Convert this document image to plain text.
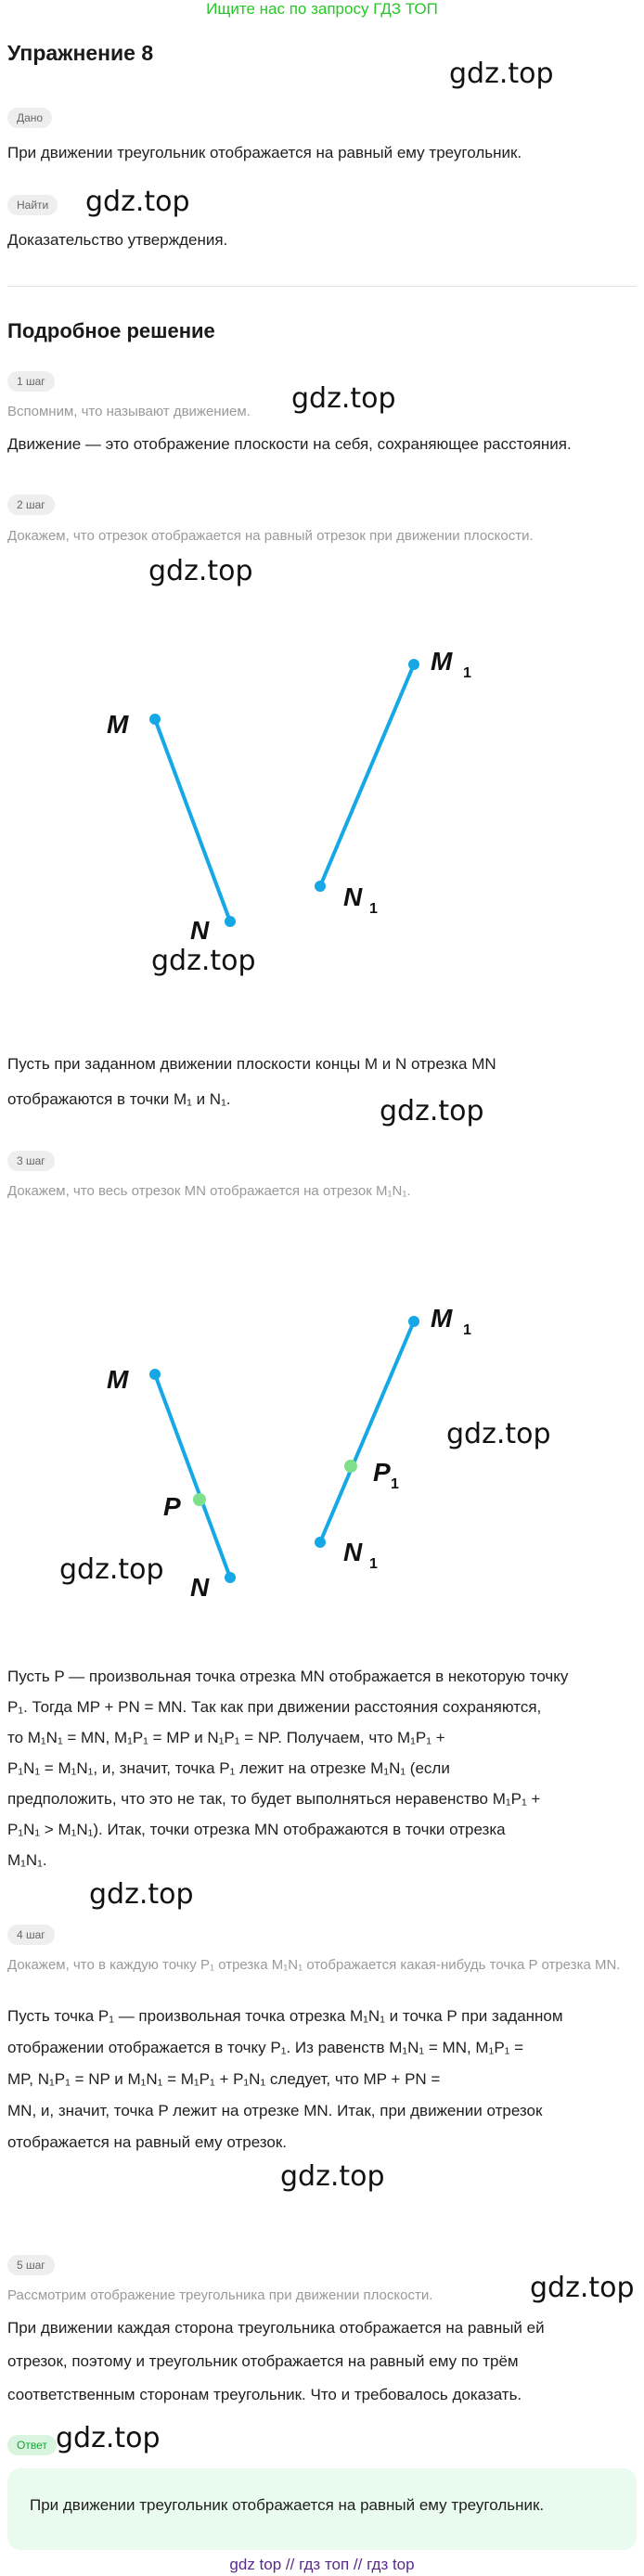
Ищите нас по запросу ГДЗ ТОП
Упражнение 8
gdz.top
Дано
При движении треугольник отображается на равный ему треугольник.
Найти	gdz.top
Доказательство утверждения.
Подробное решение
1 шаг
gdz.top
Вспомним, что называют движением.
Движение — это отображение плоскости на себя, сохраняющее расстояния.
2 шаг
Докажем, что отрезок отображается на равный отрезок при движении плоскости.
gdz.top
M
N
M 1
N 1
gdz.top
Пусть при заданном движении плоскости концы M и N отрезка MN
отображаются в точки M₁ и N₁.	gdz.top
3 шаг
Докажем, что весь отрезок MN отображается на отрезок M₁N₁.
M
P
N
M 1
P 1
N 1
gdz.top
gdz.top
Пусть P — произвольная точка отрезка MN отображается в некоторую точку
P₁. Тогда MP + PN = MN. Так как при движении расстояния сохраняются,
то M₁N₁ = MN, M₁P₁ = MP и N₁P₁ = NP. Получаем, что M₁P₁ +
P₁N₁ = M₁N₁, и, значит, точка P₁ лежит на отрезке M₁N₁ (если
предположить, что это не так, то будет выполняться неравенство M₁P₁ +
P₁N₁ > M₁N₁). Итак, точки отрезка MN отображаются в точки отрезка
M₁N₁.
gdz.top
4 шаг
Докажем, что в каждую точку P₁ отрезка M₁N₁ отображается какая-нибудь точка P отрезка MN.
Пусть точка P₁ — произвольная точка отрезка M₁N₁ и точка P при заданном
отображении отображается в точку P₁. Из равенств M₁N₁ = MN, M₁P₁ =
MP, N₁P₁ = NP и M₁N₁ = M₁P₁ + P₁N₁ следует, что MP + PN =
MN, и, значит, точка P лежит на отрезке MN. Итак, при движении отрезок
отображается на равный ему отрезок.
gdz.top
5 шаг
gdz.top
Рассмотрим отображение треугольника при движении плоскости.
При движении каждая сторона треугольника отображается на равный ей
отрезок, поэтому и треугольник отображается на равный ему по трём
соответственным сторонам треугольник. Что и требовалось доказать.
Ответ gdz.top
При движении треугольник отображается на равный ему треугольник.
gdz top // гдз топ // гдз top
